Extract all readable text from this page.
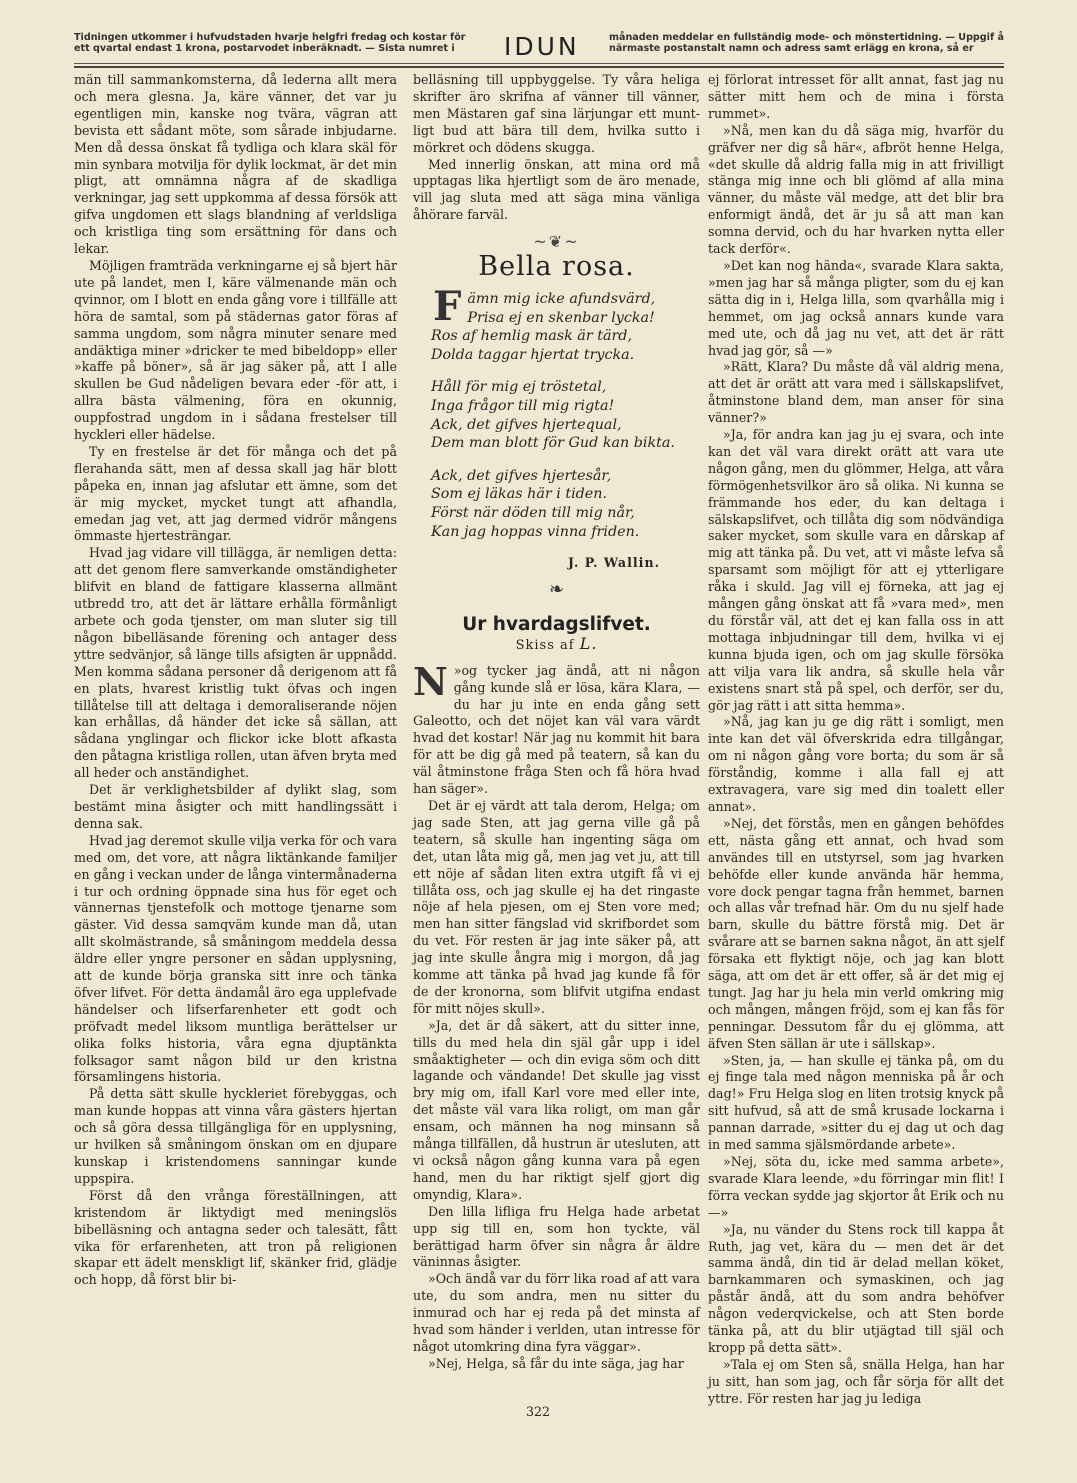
Tidningen utkommer i hufvudstaden hvarje helgfri fredag och kostar för ett qvartal endast 1 krona, postarvodet inberäknadt. — Sista numret i	IDUN	månaden meddelar en fullständig mode- och mönstertidning. — Uppgif å närmaste postanstalt namn och adress samt erlägg en krona, så er

män till sammankomsterna, då lederna allt mera och mera glesna. Ja, käre vänner, det var ju egentligen min, kanske nog tvära, vägran att bevista ett sådant möte, som sårade inbjudarne. Men då dessa önskat få tydliga och klara skäl för min synbara motvilja för dylik lockmat, är det min pligt, att omnämna några af de skadliga verkningar, jag sett uppkomma af dessa försök att gifva ungdomen ett slags blandning af verldsliga och kristliga ting som ersättning för dans och lekar.

Möjligen framträda verkningarne ej så bjert här ute på landet, men I, käre välmenande män och qvinnor, om I blott en enda gång vore i tillfälle att höra de samtal, som på städernas gator föras af samma ungdom, som några minuter senare med andäktiga miner »dricker te med bibeldopp» eller »kaffe på böner», så är jag säker på, att I alle skullen be Gud nådeligen bevara eder -för att, i allra bästa välmening, föra en okunnig, ouppfostrad ungdom in i sådana frestelser till hyckleri eller hädelse.

Ty en frestelse är det för många och det på flerahanda sätt, men af dessa skall jag här blott påpeka en, innan jag afslutar ett ämne, som det är mig mycket, mycket tungt att afhandla, emedan jag vet, att jag dermed vidrör mångens ömmaste hjertesträngar.

Hvad jag vidare vill tillägga, är nemligen detta: att det genom flere samverkande omständigheter blifvit en bland de fattigare klasserna allmänt utbredd tro, att det är lättare erhålla förmånligt arbete och goda tjenster, om man sluter sig till någon bibelläsande förening och antager dess yttre sedvänjor, så länge tills afsigten är uppnådd. Men komma sådana personer då derigenom att få en plats, hvarest kristlig tukt öfvas och ingen tillåtelse till att deltaga i demoraliserande nöjen kan erhållas, då händer det icke så sällan, att sådana ynglingar och flickor icke blott afkasta den påtagna kristliga rollen, utan äfven bryta med all heder och anständighet.

Det är verklighetsbilder af dylikt slag, som bestämt mina åsigter och mitt handlingssätt i denna sak.

Hvad jag deremot skulle vilja verka för och vara med om, det vore, att några liktänkande familjer en gång i veckan under de långa vintermånaderna i tur och ordning öppnade sina hus för eget och vännernas tjenstefolk och mottoge tjenarne som gäster. Vid dessa samqväm kunde man då, utan allt skolmästrande, så småningom meddela dessa äldre eller yngre personer en sådan upplysning, att de kunde börja granska sitt inre och tänka öfver lifvet. För detta ändamål äro ega upplefvade händelser och lifserfarenheter ett godt och pröfvadt medel liksom muntliga berättelser ur olika folks historia, våra egna djuptänkta folksagor samt någon bild ur den kristna församlingens historia.

På detta sätt skulle hyckleriet förebyggas, och man kunde hoppas att vinna våra gästers hjertan och så göra dessa tillgängliga för en upplysning, ur hvilken så småningom önskan om en djupare kunskap i kristendomens sanningar kunde uppspira.

Först då den vrånga föreställningen, att kristendom är liktydigt med meningslös bibelläsning och antagna seder och talesätt, fått vika för erfarenheten, att tron på religionen skapar ett ädelt menskligt lif, skänker frid, glädje och hopp, då först blir bi-

belläsning till uppbyggelse. Ty våra heliga skrifter äro skrifna af vänner till vänner, men Mästaren gaf sina lärjungar ett munt-ligt bud att bära till dem, hvilka sutto i mörkret och dödens skugga.

Med innerlig önskan, att mina ord må upptagas lika hjertligt som de äro menade, vill jag sluta med att säga mina vänliga åhörare farväl.

~❦~
Bella rosa.
Fämn mig icke afundsvärd,
Prisa ej en skenbar lycka!
Ros af hemlig mask är tärd,
Dolda taggar hjertat trycka.
Håll för mig ej tröstetal,
Inga frågor till mig rigta!
Ack, det gifves hjertequal,
Dem man blott för Gud kan bikta.
Ack, det gifves hjertesår,
Som ej läkas här i tiden.
Först när döden till mig når,
Kan jag hoppas vinna friden.
J. P. Wallin.
❧
Ur hvardagslifvet.
Skiss af L.

N »og tycker jag ändå, att ni någon gång kunde slå er lösa, kära Klara, — du har ju inte en enda gång sett Galeotto, och det nöjet kan väl vara värdt hvad det kostar! När jag nu kommit hit bara för att be dig gå med på teatern, så kan du väl åtminstone fråga Sten och få höra hvad han säger».

Det är ej värdt att tala derom, Helga; om jag sade Sten, att jag gerna ville gå på teatern, så skulle han ingenting säga om det, utan låta mig gå, men jag vet ju, att till ett nöje af sådan liten extra utgift få vi ej tillåta oss, och jag skulle ej ha det ringaste nöje af hela pjesen, om ej Sten vore med; men han sitter fängslad vid skrifbordet som du vet. För resten är jag inte säker på, att jag inte skulle ångra mig i morgon, då jag komme att tänka på hvad jag kunde få för de der kronorna, som blifvit utgifna endast för mitt nöjes skull».

»Ja, det är då säkert, att du sitter inne, tills du med hela din själ går upp i idel småaktigheter — och din eviga söm och ditt lagande och vändande! Det skulle jag visst bry mig om, ifall Karl vore med eller inte, det måste väl vara lika roligt, om man går ensam, och männen ha nog minsann så många tillfällen, då hustrun är utesluten, att vi också någon gång kunna vara på egen hand, men du har riktigt sjelf gjort dig omyndig, Klara».

Den lilla lifliga fru Helga hade arbetat upp sig till en, som hon tyckte, väl berättigad harm öfver sin några år äldre väninnas åsigter.

»Och ändå var du förr lika road af att vara ute, du som andra, men nu sitter du inmurad och har ej reda på det minsta af hvad som händer i verlden, utan intresse för något utomkring dina fyra väggar».

»Nej, Helga, så får du inte säga, jag har

ej förlorat intresset för allt annat, fast jag nu sätter mitt hem och de mina i första rummet».

»Nå, men kan du då säga mig, hvarför du gräfver ner dig så här«, afbröt henne Helga, «det skulle då aldrig falla mig in att frivilligt stänga mig inne och bli glömd af alla mina vänner, du måste väl medge, att det blir bra enformigt ändå, det är ju så att man kan somna dervid, och du har hvarken nytta eller tack derför«.

»Det kan nog hända«, svarade Klara sakta, »men jag har så många pligter, som du ej kan sätta dig in i, Helga lilla, som qvarhålla mig i hemmet, om jag också annars kunde vara med ute, och då jag nu vet, att det är rätt hvad jag gör, så —»

»Rätt, Klara? Du måste då väl aldrig mena, att det är orätt att vara med i sällskapslifvet, åtminstone bland dem, man anser för sina vänner?»

»Ja, för andra kan jag ju ej svara, och inte kan det väl vara direkt orätt att vara ute någon gång, men du glömmer, Helga, att våra förmögenhetsvilkor äro så olika. Ni kunna se främmande hos eder, du kan deltaga i sälskapslifvet, och tillåta dig som nödvändiga saker mycket, som skulle vara en dårskap af mig att tänka på. Du vet, att vi måste lefva så sparsamt som möjligt för att ej ytterligare råka i skuld. Jag vill ej förneka, att jag ej mången gång önskat att få »vara med», men du förstår väl, att det ej kan falla oss in att mottaga inbjudningar till dem, hvilka vi ej kunna bjuda igen, och om jag skulle försöka att vilja vara lik andra, så skulle hela vår existens snart stå på spel, och derför, ser du, gör jag rätt i att sitta hemma».

»Nå, jag kan ju ge dig rätt i somligt, men inte kan det väl öfverskrida edra tillgångar, om ni någon gång vore borta; du som är så förståndig, komme i alla fall ej att extravagera, vare sig med din toalett eller annat».

»Nej, det förstås, men en gången behöfdes ett, nästa gång ett annat, och hvad som användes till en utstyrsel, som jag hvarken behöfde eller kunde använda här hemma, vore dock pengar tagna från hemmet, barnen och allas vår trefnad här. Om du nu sjelf hade barn, skulle du bättre förstå mig. Det är svårare att se barnen sakna något, än att sjelf försaka ett flyktigt nöje, och jag kan blott säga, att om det är ett offer, så är det mig ej tungt. Jag har ju hela min verld omkring mig och mången, mången fröjd, som ej kan fås för penningar. Dessutom får du ej glömma, att äfven Sten sällan är ute i sällskap».

»Sten, ja, — han skulle ej tänka på, om du ej finge tala med någon menniska på år och dag!» Fru Helga slog en liten trotsig knyck på sitt hufvud, så att de små krusade lockarna i pannan darrade, »sitter du ej dag ut och dag in med samma själsmördande arbete».

»Nej, söta du, icke med samma arbete», svarade Klara leende, »du förringar min flit! I förra veckan sydde jag skjortor åt Erik och nu —»

»Ja, nu vänder du Stens rock till kappa åt Ruth, jag vet, kära du — men det är det samma ändå, din tid är delad mellan köket, barnkammaren och symaskinen, och jag påstår ändå, att du som andra behöfver någon vederqvickelse, och att Sten borde tänka på, att du blir utjägtad till själ och kropp på detta sätt».

»Tala ej om Sten så, snälla Helga, han har ju sitt, han som jag, och får sörja för allt det yttre. För resten har jag ju lediga

322
